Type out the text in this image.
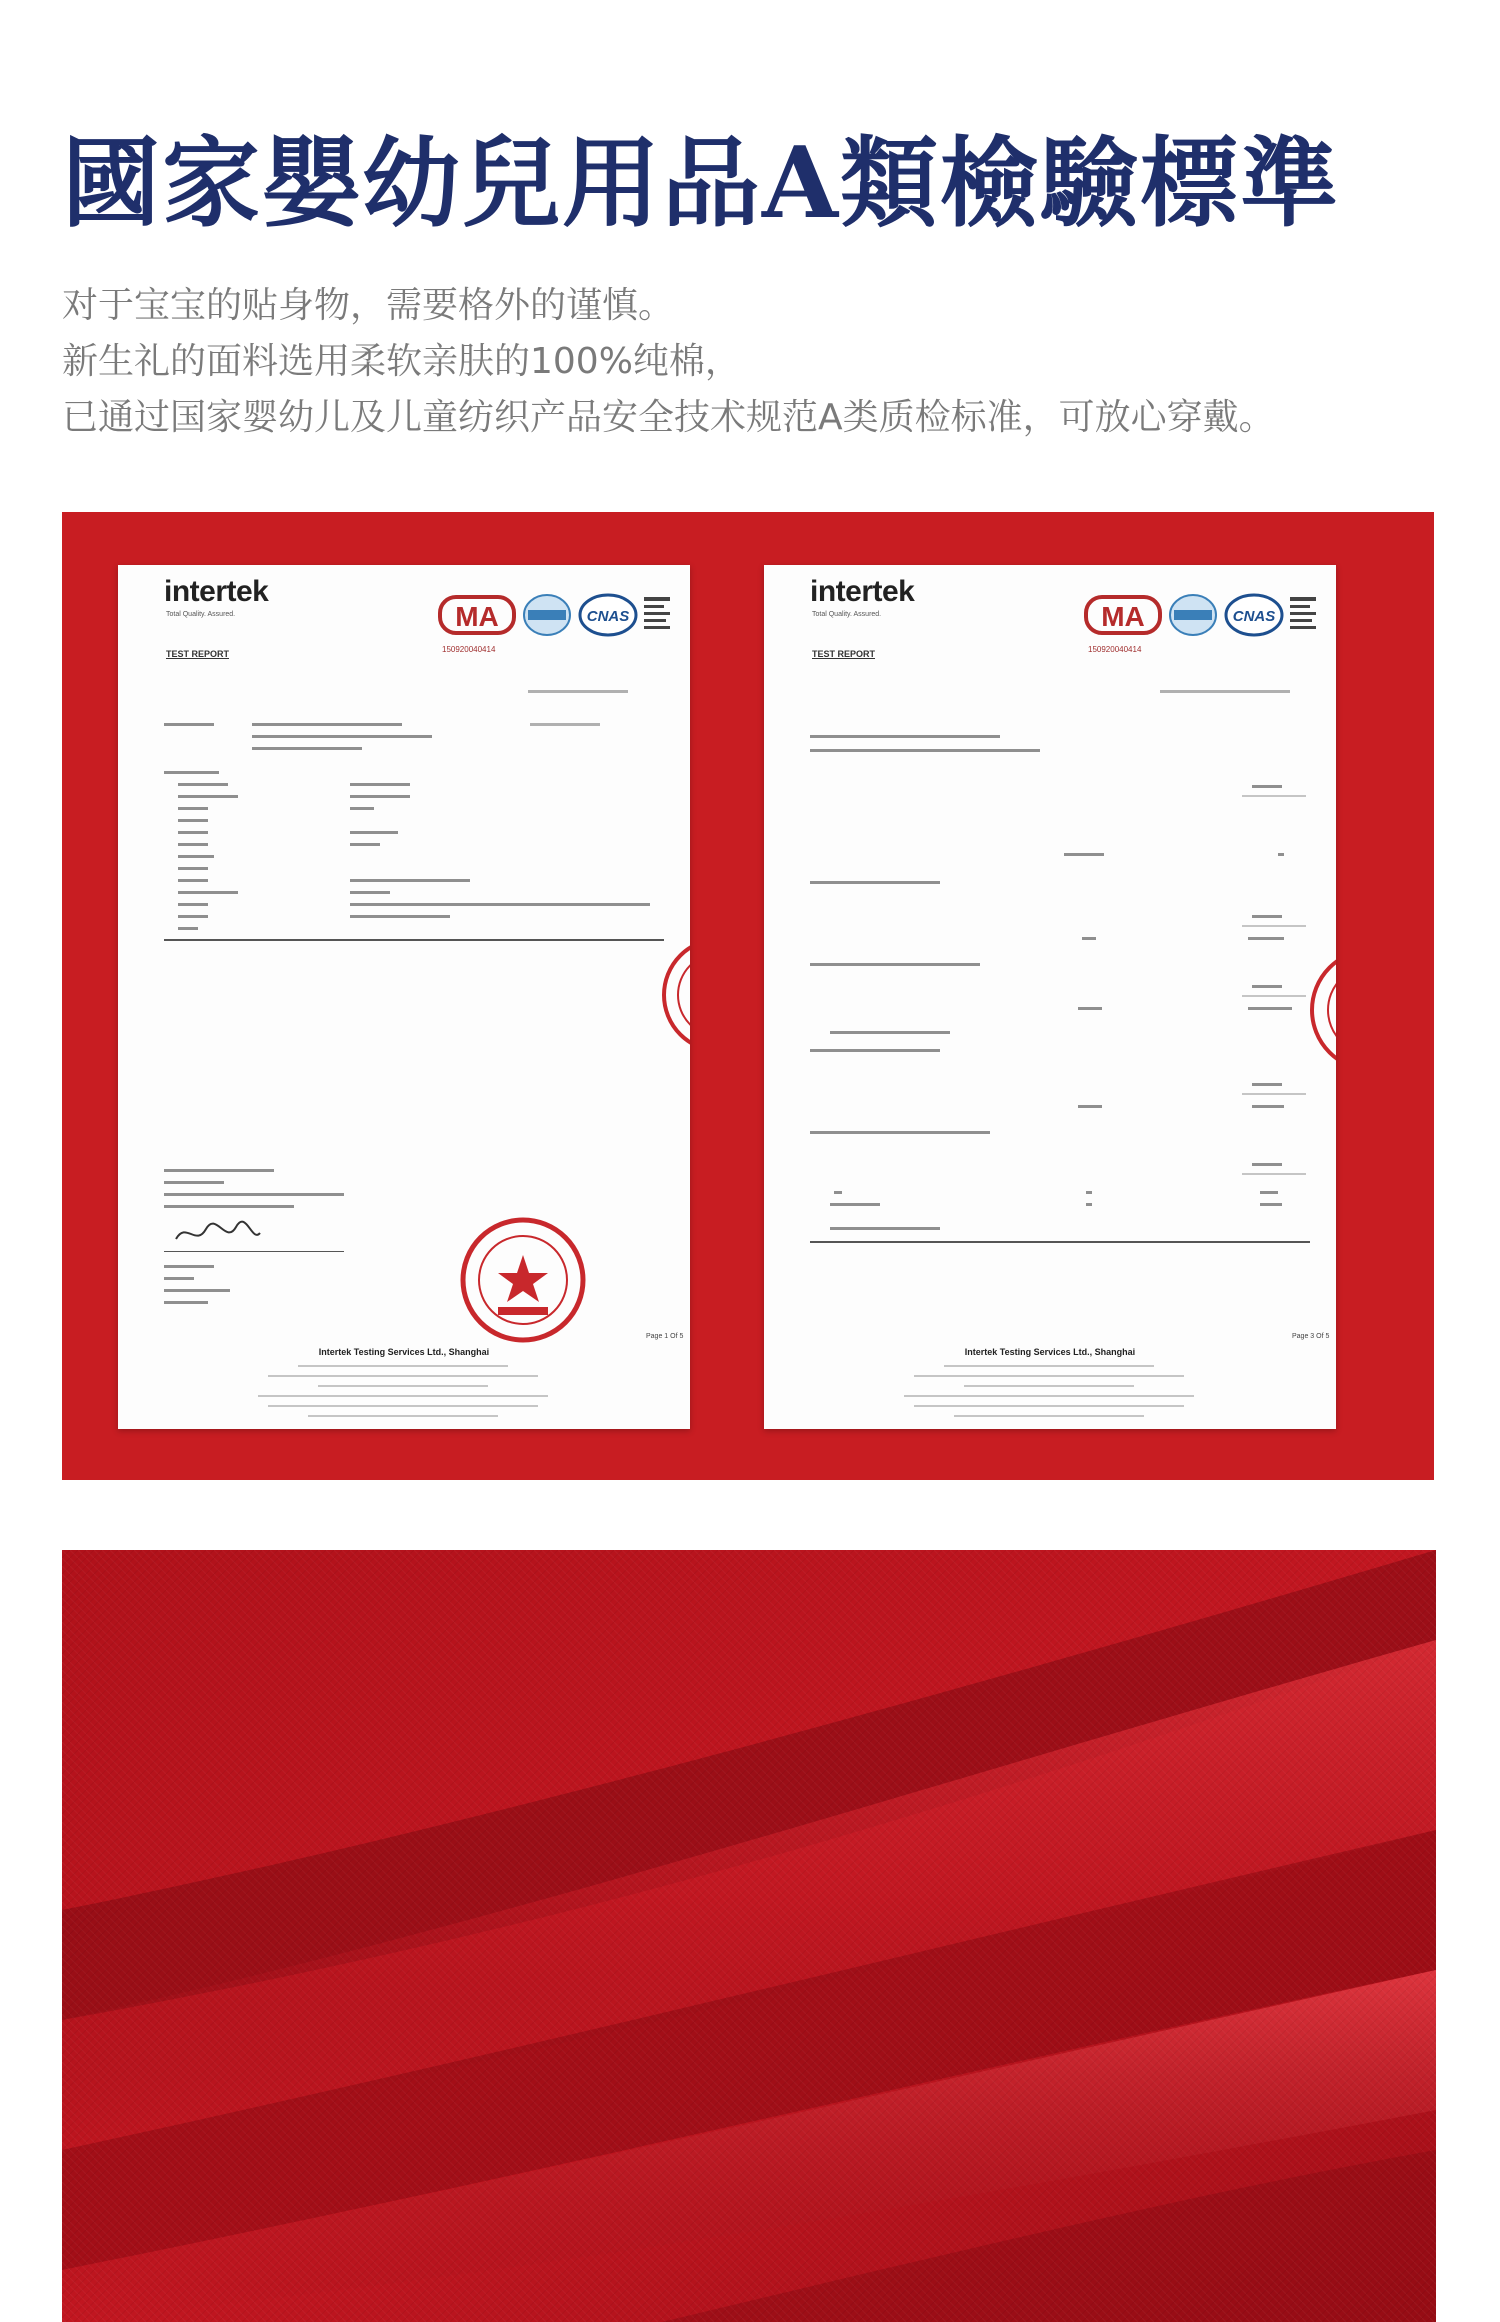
國家嬰幼兒用品A類檢驗標準

对于宝宝的贴身物，需要格外的谨慎。

新生礼的面料选用柔软亲肤的100%纯棉，

已通过国家婴幼儿及儿童纺织产品安全技术规范A类质检标准，可放心穿戴。

intertek
Total Quality. Assured.
TEST REPORT
MA	CNAS
150920040414
Page 1 Of 5
Intertek Testing Services Ltd., Shanghai
intertek
Total Quality. Assured.
TEST REPORT
MA	CNAS
150920040414
Page 3 Of 5
Intertek Testing Services Ltd., Shanghai
